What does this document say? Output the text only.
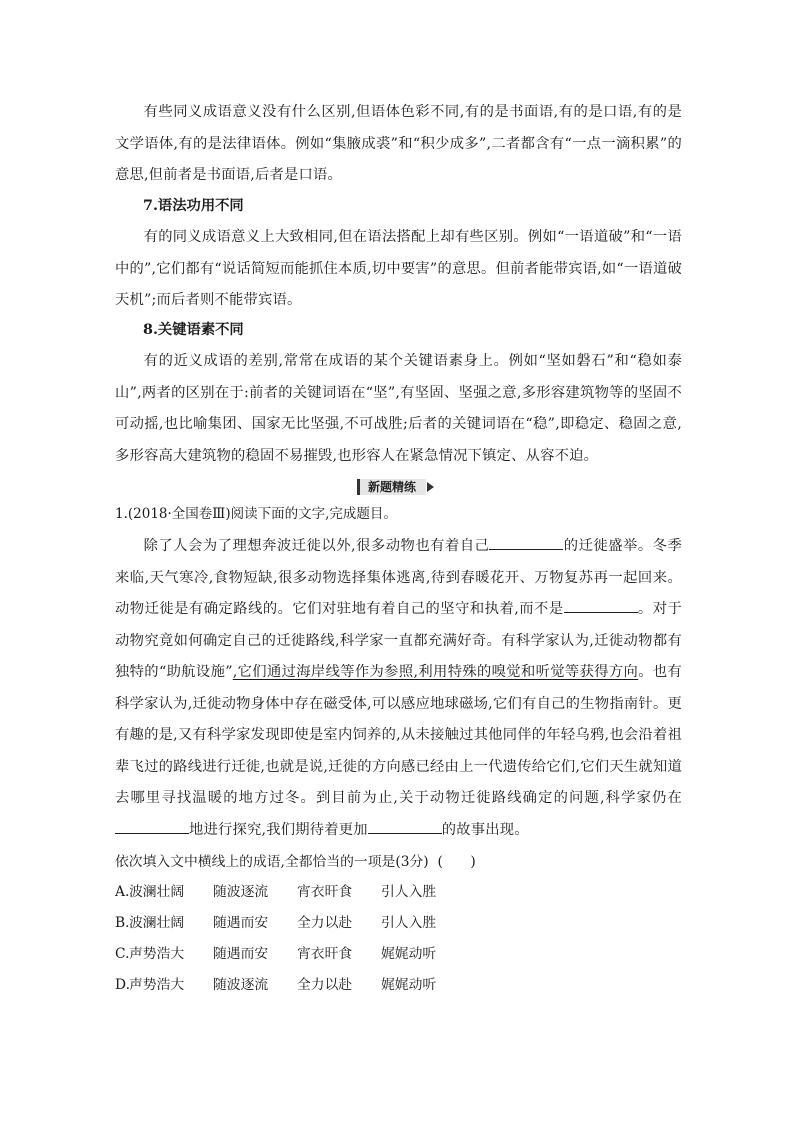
有些同义成语意义没有什么区别,但语体色彩不同,有的是书面语,有的是口语,有的是文学语体,有的是法律语体。例如“集腋成裘”和“积少成多”,二者都含有“一点一滴积累”的意思,但前者是书面语,后者是口语。

7.语法功用不同

有的同义成语意义上大致相同,但在语法搭配上却有些区别。例如“一语道破”和“一语中的”,它们都有“说话简短而能抓住本质,切中要害”的意思。但前者能带宾语,如“一语道破天机”;而后者则不能带宾语。

8.关键语素不同

有的近义成语的差别,常常在成语的某个关键语素身上。例如“坚如磐石”和“稳如泰山”,两者的区别在于:前者的关键词语在“坚”,有坚固、坚强之意,多形容建筑物等的坚固不可动摇,也比喻集团、国家无比坚强,不可战胜;后者的关键词语在“稳”,即稳定、稳固之意,多形容高大建筑物的稳固不易摧毁,也形容人在紧急情况下镇定、从容不迫。

新题精练

1.(2018·全国卷Ⅲ)阅读下面的文字,完成题目。

除了人会为了理想奔波迁徙以外,很多动物也有着自己	的迁徙盛举。冬季来临,天气寒冷,食物短缺,很多动物选择集体逃离,待到春暖花开、万物复苏再一起回来。动物迁徙是有确定路线的。它们对驻地有着自己的坚守和执着,而不是	。对于动物究竟如何确定自己的迁徙路线,科学家一直都充满好奇。有科学家认为,迁徙动物都有独特的“助航设施”,它们通过海岸线等作为参照,利用特殊的嗅觉和听觉等获得方向。也有科学家认为,迁徙动物身体中存在磁受体,可以感应地球磁场,它们有自己的生物指南针。更有趣的是,又有科学家发现即使是室内饲养的,从未接触过其他同伴的年轻乌鸦,也会沿着祖辈飞过的路线进行迁徙,也就是说,迁徙的方向感已经由上一代遗传给它们,它们天生就知道去哪里寻找温暖的地方过冬。到目前为止,关于动物迁徙路线确定的问题,科学家仍在地进行探究,我们期待着更加	的故事出现。

依次填入文中横线上的成语,全都恰当的一项是(3分) (　　)

A.波澜壮阔 随波逐流 宵衣旰食 引人入胜

B.波澜壮阔 随遇而安 全力以赴 引人入胜

C.声势浩大 随遇而安 宵衣旰食 娓娓动听

D.声势浩大 随波逐流 全力以赴 娓娓动听
